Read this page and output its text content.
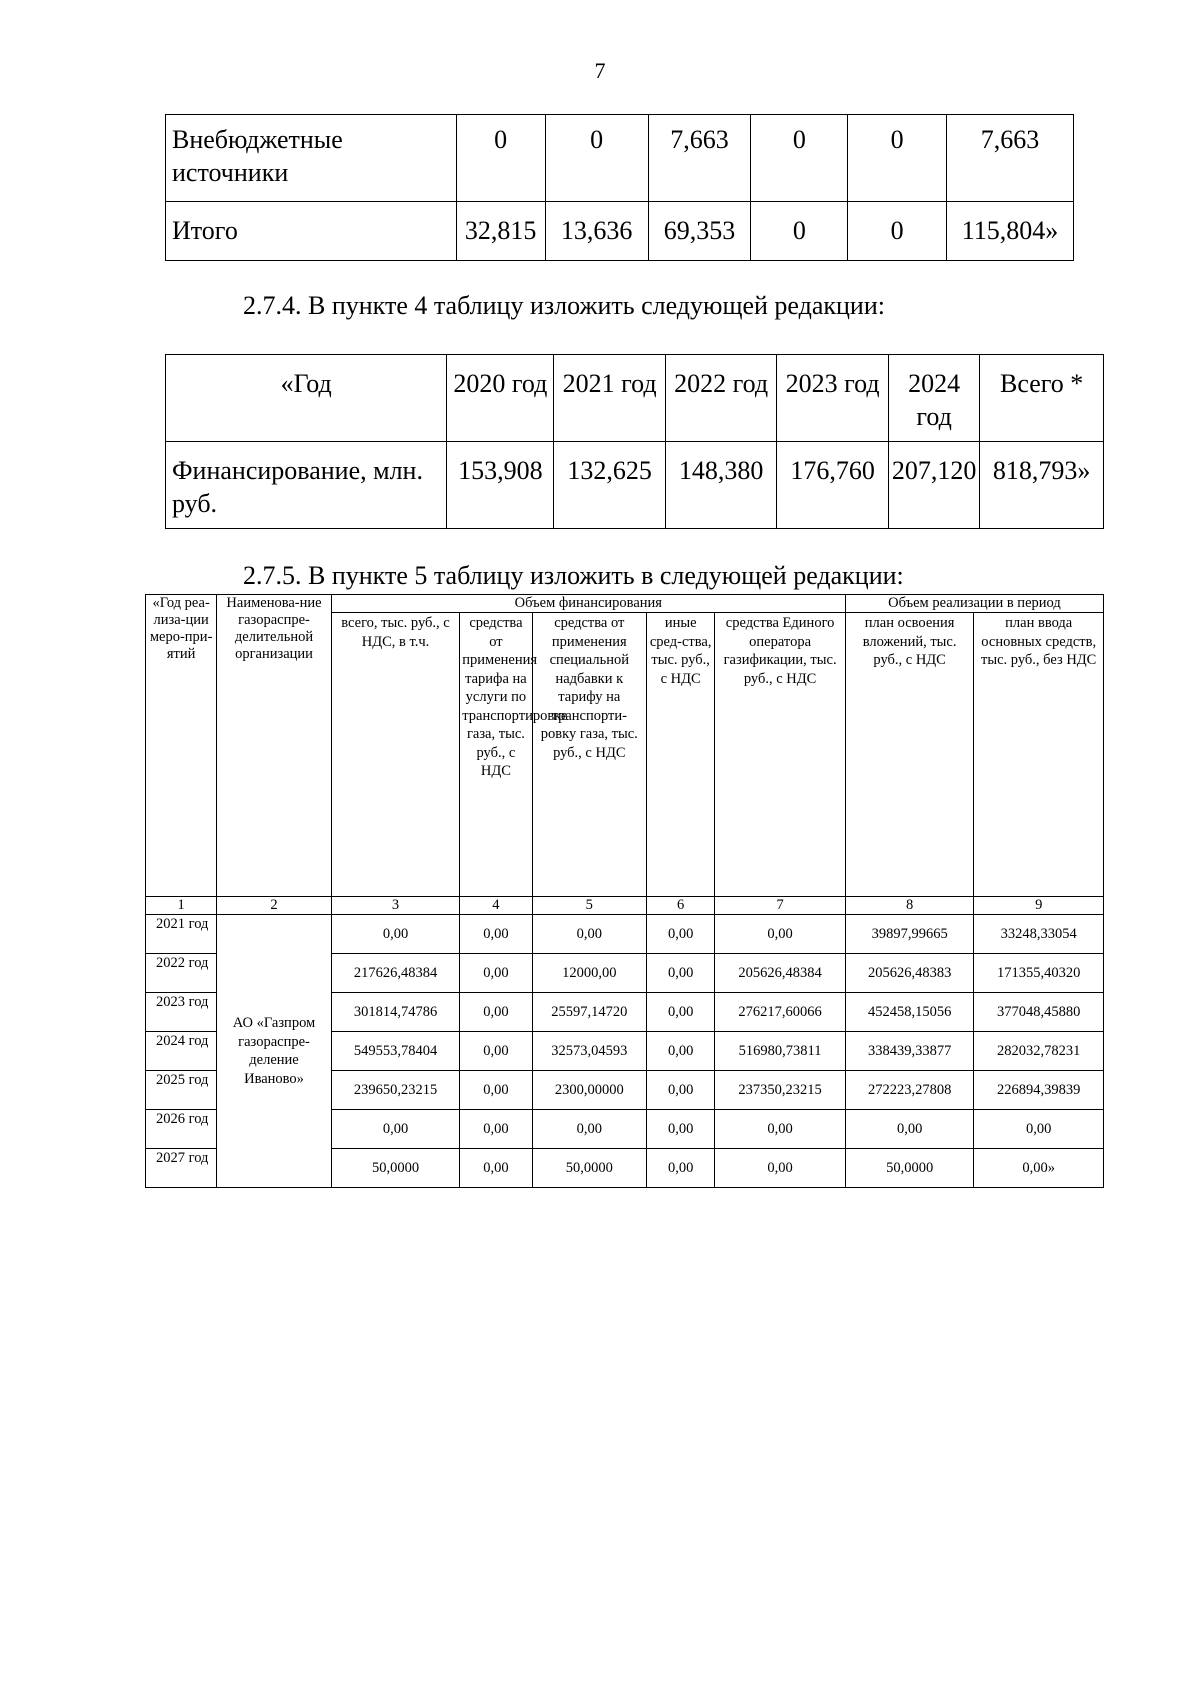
7
Внебюджетные источники	0	0	7,663	0	0	7,663
Итого	32,815	13,636	69,353	0	0	115,804»
2.7.4. В пункте 4 таблицу изложить следующей редакции:
«Год	2020 год	2021 год	2022 год	2023 год	2024 год	Всего *
Финансирование, млн. руб.	153,908	132,625	148,380	176,760	207,120	818,793»
2.7.5. В пункте 5 таблицу изложить в следующей редакции:
«Год реа-лиза-ции меро-при-ятий	Наименова-ние газораспре-делительной организации	Объем финансирования					Объем реализации в период	
		всего, тыс. руб., с НДС, в т.ч.	средства от применения тарифа на услуги по транспортировке газа, тыс. руб., с НДС	средства от применения специальной надбавки к тарифу на транспорти-ровку газа, тыс. руб., с НДС	иные сред-ства, тыс. руб., с НДС	средства Единого оператора газификации, тыс. руб., с НДС	план освоения вложений, тыс. руб., с НДС	план ввода основных средств, тыс. руб., без НДС
1	2	3	4	5	6	7	8	9
2021 год	АО «Газпром газораспре-деление Иваново»	0,00	0,00	0,00	0,00	0,00	39897,99665	33248,33054
2022 год		217626,48384	0,00	12000,00	0,00	205626,48384	205626,48383	171355,40320
2023 год		301814,74786	0,00	25597,14720	0,00	276217,60066	452458,15056	377048,45880
2024 год		549553,78404	0,00	32573,04593	0,00	516980,73811	338439,33877	282032,78231
2025 год		239650,23215	0,00	2300,00000	0,00	237350,23215	272223,27808	226894,39839
2026 год		0,00	0,00	0,00	0,00	0,00	0,00	0,00
2027 год		50,0000	0,00	50,0000	0,00	0,00	50,0000	0,00»
